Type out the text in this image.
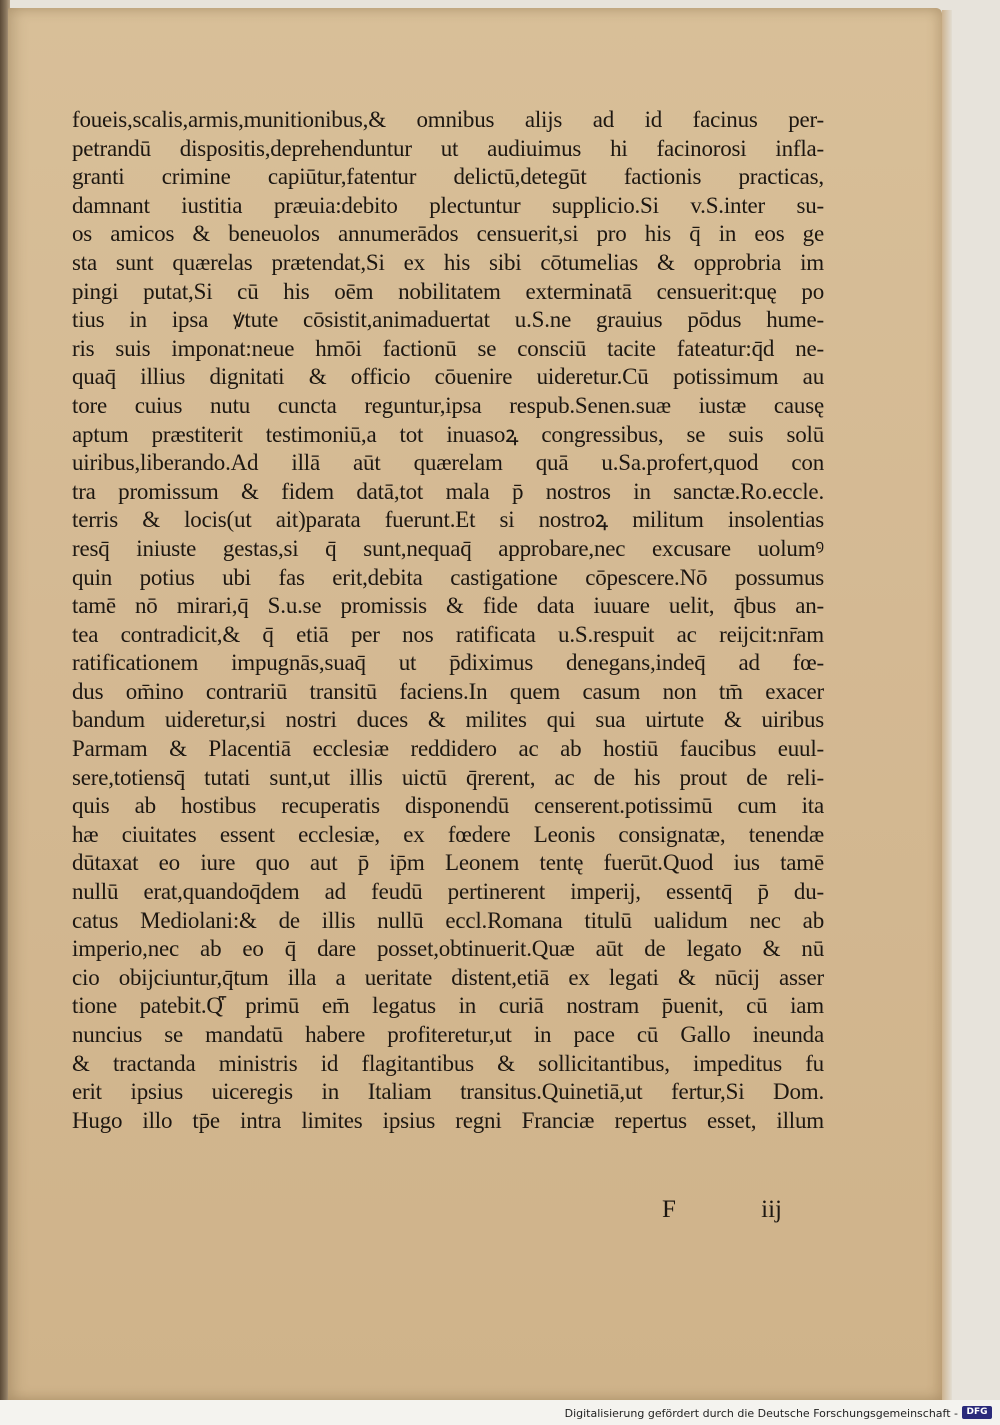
foueis,scalis,armis,munitionibus,& omnibus alijs ad id facinus per-
petrandū dispositis,deprehenduntur ut audiuimus hi facinorosi infla-
granti crimine capiūtur,fatentur delictū,detegūt factionis practicas,
damnant iustitia præuia:debito plectuntur supplicio.Si v.S.inter su-
os amicos & beneuolos annumerādos censuerit,si pro his q̄ in eos ge
sta sunt quærelas prætendat,Si ex his sibi cōtumelias & opprobria im
pingi putat,Si cū his oēm nobilitatem exterminatā censuerit:quę po
tius in ipsa ꝟtute cōsistit,animaduertat u.S.ne grauius pōdus hume-
ris suis imponat:neue hmōi factionū se consciū tacite fateatur:q̄d ne-
quaq̄ illius dignitati & officio cōuenire uideretur.Cū potissimum au
tore cuius nutu cuncta reguntur,ipsa respub.Senen.suæ iustæ causę
aptum præstiterit testimoniū,a tot inuasoꝝ congressibus, se suis solū
uiribus,liberando.Ad illā aūt quærelam quā u.Sa.profert,quod con
tra promissum & fidem datā,tot mala p̄ nostros in sanctæ.Ro.eccle.
terris & locis(ut ait)parata fuerunt.Et si nostroꝝ militum insolentias
resq̄ iniuste gestas,si q̄ sunt,nequaq̄ approbare,nec excusare uolumꝰ
quin potius ubi fas erit,debita castigatione cōpescere.Nō possumus
tamē nō mirari,q̄ S.u.se promissis & fide data iuuare uelit, q̄bus an-
tea contradicit,& q̄ etiā per nos ratificata u.S.respuit ac reijcit:nr̄am
ratificationem impugnās,suaq̄ ut p̄diximus denegans,indeq̄ ad fœ-
dus om̄ino contrariū transitū faciens.In quem casum non tm̄ exacer
bandum uideretur,si nostri duces & milites qui sua uirtute & uiribus
Parmam & Placentiā ecclesiæ reddidero ac ab hostiū faucibus euul-
sere,totiensq̄ tutati sunt,ut illis uictū q̄rerent, ac de his prout de reli-
quis ab hostibus recuperatis disponendū censerent.potissimū cum ita
hæ ciuitates essent ecclesiæ, ex fœdere Leonis consignatæ, tenendæ
dūtaxat eo iure quo aut p̄ ip̄m Leonem tentę fuerūt.Quod ius tamē
nullū erat,quandoq̄dem ad feudū pertinerent imperij, essentq̄ p̄ du-
catus Mediolani:& de illis nullū eccl.Romana titulū ualidum nec ab
imperio,nec ab eo q̄ dare posset,obtinuerit.Quæ aūt de legato & nū
cio obijciuntur,q̄tum illa a ueritate distent,etiā ex legati & nūcij asser
tione patebit.Q꜠ primū em̄ legatus in curiā nostram p̄uenit, cū iam
nuncius se mandatū habere profiteretur,ut in pace cū Gallo ineunda
& tractanda ministris id flagitantibus & sollicitantibus, impeditus fu
erit ipsius uiceregis in Italiam transitus.Quinetiā,ut fertur,Si Dom.
Hugo illo tp̄e intra limites ipsius regni Franciæ repertus esset, illum
F	iij
Digitalisierung gefördert durch die Deutsche Forschungsgemeinschaft - DFG
